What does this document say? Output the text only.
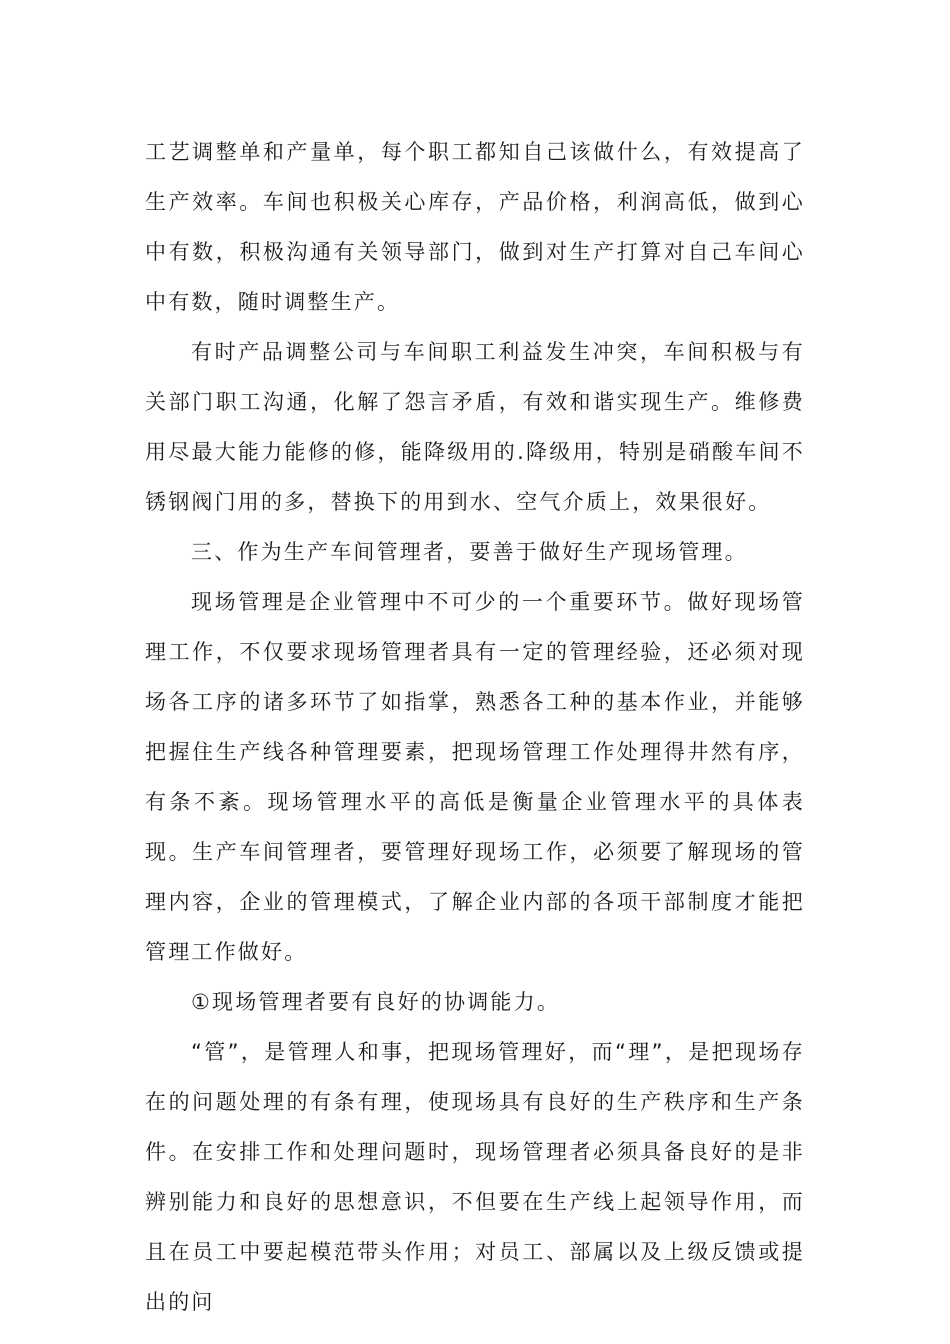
工艺调整单和产量单，每个职工都知自己该做什么，有效提高了生产效率。车间也积极关心库存，产品价格，利润高低，做到心中有数，积极沟通有关领导部门，做到对生产打算对自己车间心中有数，随时调整生产。

有时产品调整公司与车间职工利益发生冲突，车间积极与有关部门职工沟通，化解了怨言矛盾，有效和谐实现生产。维修费用尽最大能力能修的修，能降级用的.降级用，特别是硝酸车间不锈钢阀门用的多，替换下的用到水、空气介质上，效果很好。

三、作为生产车间管理者，要善于做好生产现场管理。

现场管理是企业管理中不可少的一个重要环节。做好现场管理工作，不仅要求现场管理者具有一定的管理经验，还必须对现场各工序的诸多环节了如指掌，熟悉各工种的基本作业，并能够把握住生产线各种管理要素，把现场管理工作处理得井然有序，有条不紊。现场管理水平的高低是衡量企业管理水平的具体表现。生产车间管理者，要管理好现场工作，必须要了解现场的管理内容，企业的管理模式，了解企业内部的各项干部制度才能把管理工作做好。

①现场管理者要有良好的协调能力。

“管”，是管理人和事，把现场管理好，而“理”，是把现场存在的问题处理的有条有理，使现场具有良好的生产秩序和生产条件。在安排工作和处理问题时，现场管理者必须具备良好的是非辨别能力和良好的思想意识，不但要在生产线上起领导作用，而且在员工中要起模范带头作用；对员工、部属以及上级反馈或提出的问
